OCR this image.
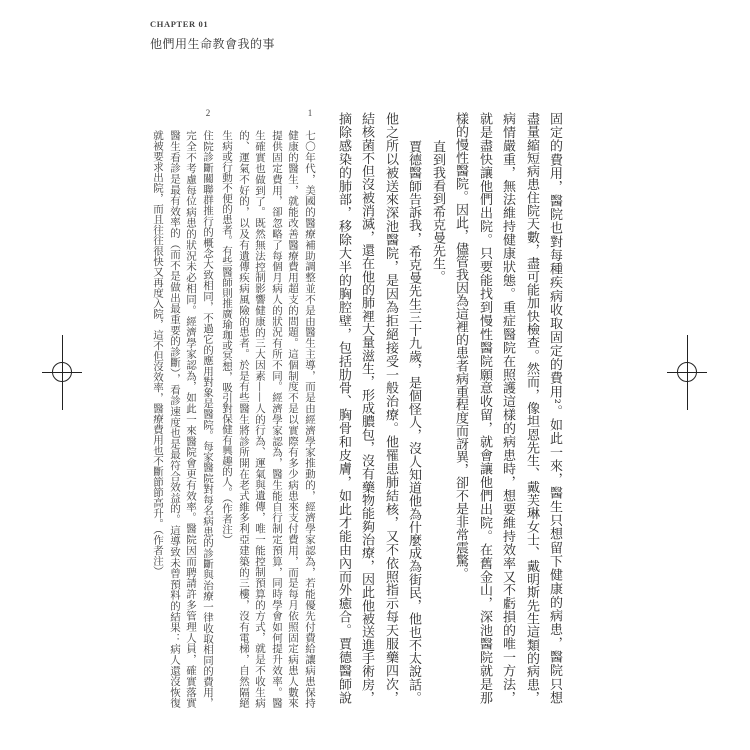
CHAPTER 01
他們用生命教會我的事
固定的費用，醫院也對每種疾病收取固定的費用²。如此一來，醫生只想留下健康的病患，醫院只想
盡量縮短病患住院天數，盡可能加快檢查。然而，像坦恩先生、戴芙琳女士、戴明斯先生這類的病患，
病情嚴重，無法維持健康狀態。重症醫院在照護這樣的病患時，想要維持效率又不虧損的唯一方法，
就是盡快讓他們出院。只要能找到慢性醫院願意收留，就會讓他們出院。在舊金山，深池醫院就是那
樣的慢性醫院。因此，儘管我因為這裡的患者病重程度而訝異，卻不是非常震驚。
直到我看到希克曼先生。
賈德醫師告訴我，希克曼先生三十九歲，是個怪人，沒人知道他為什麼成為街民，他也不太說話。
他之所以被送來深池醫院，是因為拒絕接受一般治療。他罹患肺結核，又不依照指示每天服藥四次，
結核菌不但沒被消滅，還在他的肺裡大量滋生，形成膿包，沒有藥物能夠治療，因此他被送進手術房，
摘除感染的肺部，移除大半的胸腔壁，包括肋骨、胸骨和皮膚，如此才能由內而外癒合。賈德醫師說
1
七〇年代，美國的醫療補助調整並不是由醫生主導，而是由經濟學家推動的，經濟學家認為，若能優先付費給讓病患保持
健康的醫生，就能改善醫療費用超支的問題。這個制度不是以實際有多少病患來支付費用，而是每月依照固定病患人數來
提供固定費用，卻忽略了每個月病人的狀況有所不同。經濟學家認為，醫生能自行制定預算，同時學會如何提升效率。醫
生確實也做到了。既然無法控制影響健康的三大因素——人的行為、運氣與遺傳，唯一能控制預算的方式，就是不收生病
的、運氣不好的，以及有遺傳疾病風險的患者。於是有些醫生將診所開在老式維多利亞建築的三樓，沒有電梯，自然隔絕
生病或行動不便的患者。有些醫師則推廣瑜珈或冥想，吸引對保健有興趣的人。（作者注）
2
住院診斷關聯群推行的概念大致相同，不過它的應用對象是醫院。每家醫院對每名病患的診斷與治療一律收取相同的費用，
完全不考慮每位病患的狀況未必相同。經濟學家認為，如此一來醫院會更有效率。醫院因而聘請許多管理人員，確實落實
醫生看診是最有效率的（而不是做出最重要的診斷），看診速度也是最符合效益的。這導致未曾預料的結果：病人還沒恢復
就被要求出院，而且往往很快又再度入院，這不但沒效率，醫療費用也不斷節節高升。（作者注）
